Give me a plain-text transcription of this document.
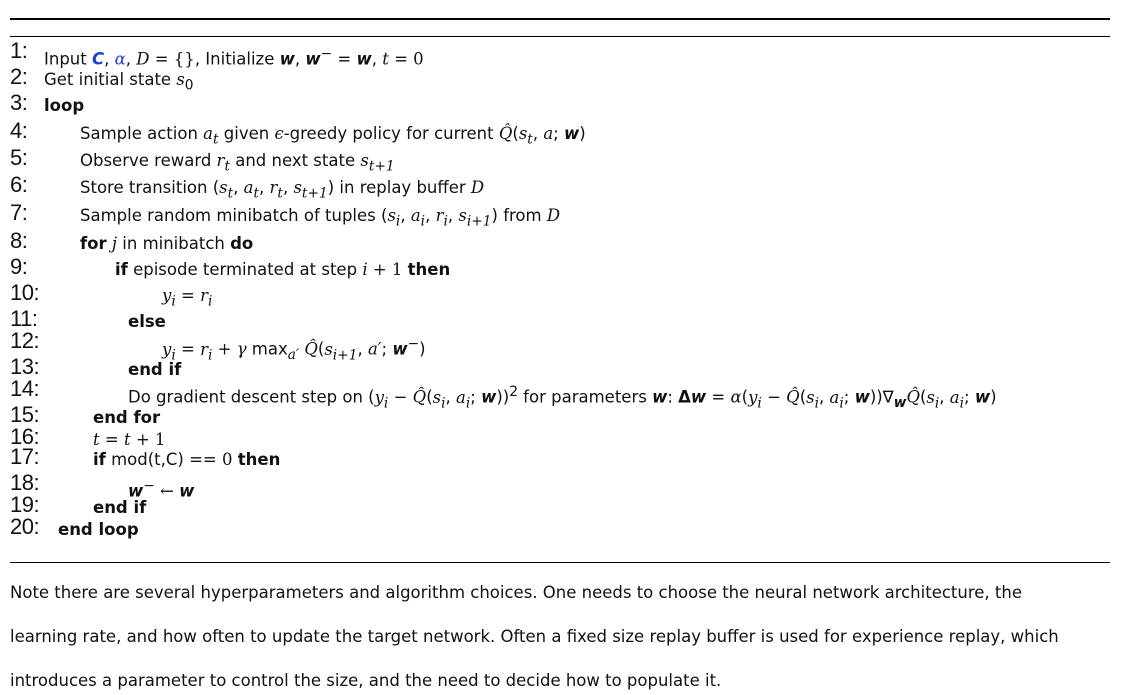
1: Input C, α, D = {}, Initialize w, w− = w, t = 0
2: Get initial state $s_0$
3: loop
4:	Sample action $a_t$ given ϵ-greedy policy for current $Q̂(s_t$, a; w)
5:	Observe reward $r_t$ and next state $s_{t+1}$
6:	Store transition ($s_t$, $a_t$, $r_t$, $s_{t+1}$) in replay buffer D
7:	Sample random minibatch of tuples ($s_i$, $a_i$, $r_i$, $s_{i+1}$) from D
8:	for j in minibatch do
9:	if episode terminated at step i + 1 then
10:	$y_i = r_i$
11:	else
12:	$y_i = r_i + \gamma$ $\max_{a'}$ $Q̂(s_{i+1}$, a′; w−)
13:	end if
14:	Do gradient descent step on ($y_i$ − $Q̂(s_i$, $a_i$; w))$^2$ for parameters w: $\Delta w = \alpha(y_i$ − $Q̂(s_i$, $a_i$; $w))\nabla_wQ̂(s_i$, $a_i$; w)
15:	end for
16:	t = t + 1
17:	if mod(t,C) == 0 then
18:	w− ← w
19:	end if
20: end loop
Note there are several hyperparameters and algorithm choices. One needs to choose the neural network architecture, the
learning rate, and how often to update the target network. Often a fixed size replay buffer is used for experience replay, which
introduces a parameter to control the size, and the need to decide how to populate it.
